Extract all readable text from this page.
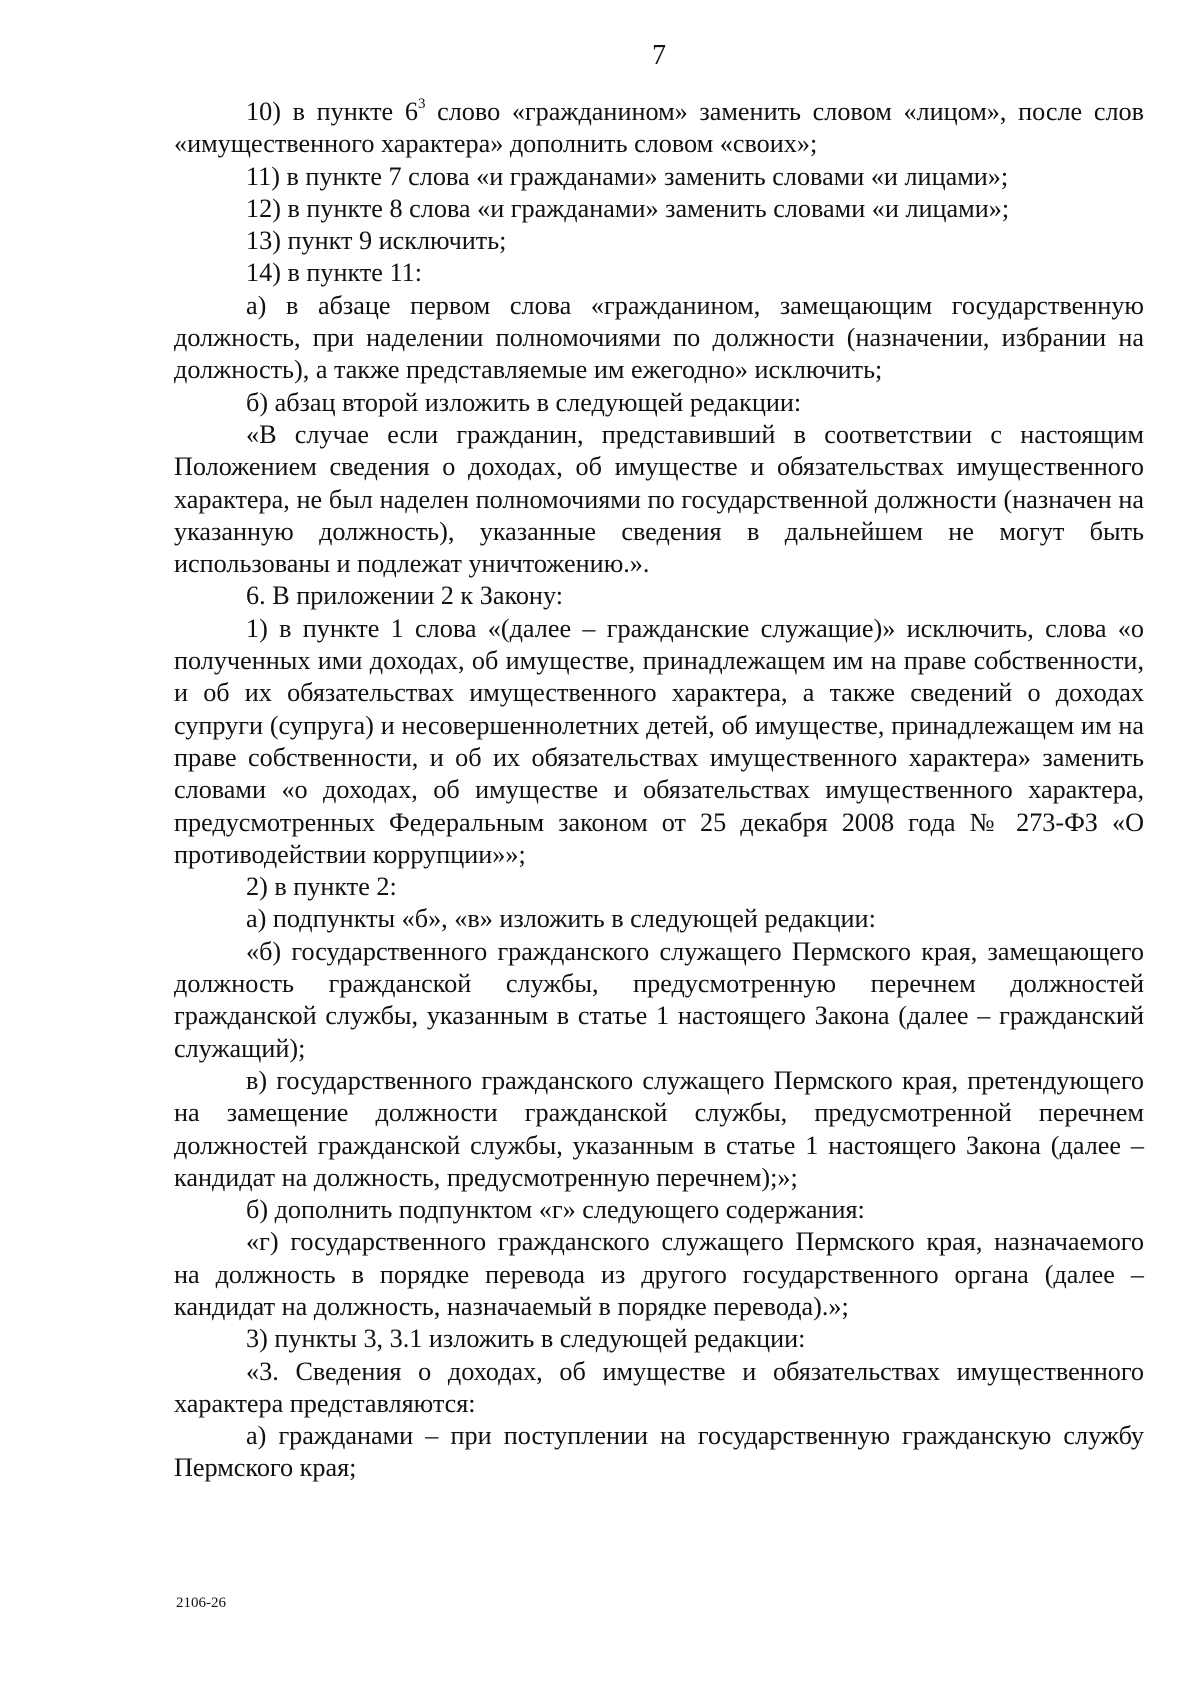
7

10) в пункте $6^3$ слово «гражданином» заменить словом «лицом», после слов «имущественного характера» дополнить словом «своих»;

11) в пункте 7 слова «и гражданами» заменить словами «и лицами»;

12) в пункте 8 слова «и гражданами» заменить словами «и лицами»;

13) пункт 9 исключить;

14) в пункте 11:

а) в абзаце первом слова «гражданином, замещающим государственную должность, при наделении полномочиями по должности (назначении, избрании на должность), а также представляемые им ежегодно» исключить;

б) абзац второй изложить в следующей редакции:

«В случае если гражданин, представивший в соответствии с настоящим Положением сведения о доходах, об имуществе и обязательствах имущественного характера, не был наделен полномочиями по государственной должности (назначен на указанную должность), указанные сведения в дальнейшем не могут быть использованы и подлежат уничтожению.».

6. В приложении 2 к Закону:

1) в пункте 1 слова «(далее – гражданские служащие)» исключить, слова «о полученных ими доходах, об имуществе, принадлежащем им на праве собственности, и об их обязательствах имущественного характера, а также сведений о доходах супруги (супруга) и несовершеннолетних детей, об имуществе, принадлежащем им на праве собственности, и об их обязательствах имущественного характера» заменить словами «о доходах, об имуществе и обязательствах имущественного характера, предусмотренных Федеральным законом от 25 декабря 2008 года № 273-ФЗ «О противодействии коррупции»»;

2) в пункте 2:

а) подпункты «б», «в» изложить в следующей редакции:

«б) государственного гражданского служащего Пермского края, замещающего должность гражданской службы, предусмотренную перечнем должностей гражданской службы, указанным в статье 1 настоящего Закона (далее – гражданский служащий);

в) государственного гражданского служащего Пермского края, претендующего на замещение должности гражданской службы, предусмотренной перечнем должностей гражданской службы, указанным в статье 1 настоящего Закона (далее – кандидат на должность, предусмотренную перечнем);»;

б) дополнить подпунктом «г» следующего содержания:

«г) государственного гражданского служащего Пермского края, назначаемого на должность в порядке перевода из другого государственного органа (далее – кандидат на должность, назначаемый в порядке перевода).»;

3) пункты 3, 3.1 изложить в следующей редакции:

«3. Сведения о доходах, об имуществе и обязательствах имущественного характера представляются:

а) гражданами – при поступлении на государственную гражданскую службу Пермского края;

2106-26
